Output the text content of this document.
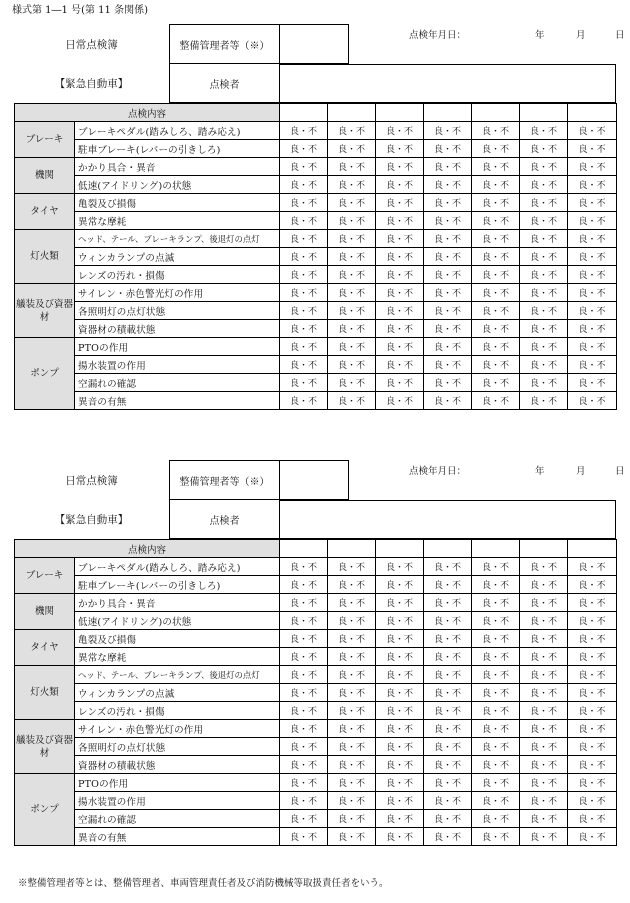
様式第 1―1 号(第 11 条関係)
日常点検簿
【緊急自動車】
整備管理者等（※）
点検年月日：	年	月	日
点検者
点検内容								
ブレーキ	ブレーキペダル(踏みしろ、踏み応え)	良・不	良・不	良・不	良・不	良・不	良・不	良・不
	駐車ブレーキ(レバーの引きしろ)	良・不	良・不	良・不	良・不	良・不	良・不	良・不
機関	かかり具合・異音	良・不	良・不	良・不	良・不	良・不	良・不	良・不
	低速(アイドリング)の状態	良・不	良・不	良・不	良・不	良・不	良・不	良・不
タイヤ	亀裂及び損傷	良・不	良・不	良・不	良・不	良・不	良・不	良・不
	異常な摩耗	良・不	良・不	良・不	良・不	良・不	良・不	良・不
灯火類	ヘッド、テール、ブレーキランプ、後退灯の点灯	良・不	良・不	良・不	良・不	良・不	良・不	良・不
	ウィンカランプの点滅	良・不	良・不	良・不	良・不	良・不	良・不	良・不
	レンズの汚れ・損傷	良・不	良・不	良・不	良・不	良・不	良・不	良・不
艤装及び資器材	サイレン・赤色警光灯の作用	良・不	良・不	良・不	良・不	良・不	良・不	良・不
	各照明灯の点灯状態	良・不	良・不	良・不	良・不	良・不	良・不	良・不
	資器材の積載状態	良・不	良・不	良・不	良・不	良・不	良・不	良・不
ポンプ	PTOの作用	良・不	良・不	良・不	良・不	良・不	良・不	良・不
	揚水装置の作用	良・不	良・不	良・不	良・不	良・不	良・不	良・不
	空漏れの確認	良・不	良・不	良・不	良・不	良・不	良・不	良・不
	異音の有無	良・不	良・不	良・不	良・不	良・不	良・不	良・不
日常点検簿
【緊急自動車】
整備管理者等（※）
点検年月日：	年	月	日
点検者
点検内容								
ブレーキ	ブレーキペダル(踏みしろ、踏み応え)	良・不	良・不	良・不	良・不	良・不	良・不	良・不
	駐車ブレーキ(レバーの引きしろ)	良・不	良・不	良・不	良・不	良・不	良・不	良・不
機関	かかり具合・異音	良・不	良・不	良・不	良・不	良・不	良・不	良・不
	低速(アイドリング)の状態	良・不	良・不	良・不	良・不	良・不	良・不	良・不
タイヤ	亀裂及び損傷	良・不	良・不	良・不	良・不	良・不	良・不	良・不
	異常な摩耗	良・不	良・不	良・不	良・不	良・不	良・不	良・不
灯火類	ヘッド、テール、ブレーキランプ、後退灯の点灯	良・不	良・不	良・不	良・不	良・不	良・不	良・不
	ウィンカランプの点滅	良・不	良・不	良・不	良・不	良・不	良・不	良・不
	レンズの汚れ・損傷	良・不	良・不	良・不	良・不	良・不	良・不	良・不
艤装及び資器材	サイレン・赤色警光灯の作用	良・不	良・不	良・不	良・不	良・不	良・不	良・不
	各照明灯の点灯状態	良・不	良・不	良・不	良・不	良・不	良・不	良・不
	資器材の積載状態	良・不	良・不	良・不	良・不	良・不	良・不	良・不
ポンプ	PTOの作用	良・不	良・不	良・不	良・不	良・不	良・不	良・不
	揚水装置の作用	良・不	良・不	良・不	良・不	良・不	良・不	良・不
	空漏れの確認	良・不	良・不	良・不	良・不	良・不	良・不	良・不
	異音の有無	良・不	良・不	良・不	良・不	良・不	良・不	良・不
※整備管理者等とは、整備管理者、車両管理責任者及び消防機械等取扱責任者をいう。
